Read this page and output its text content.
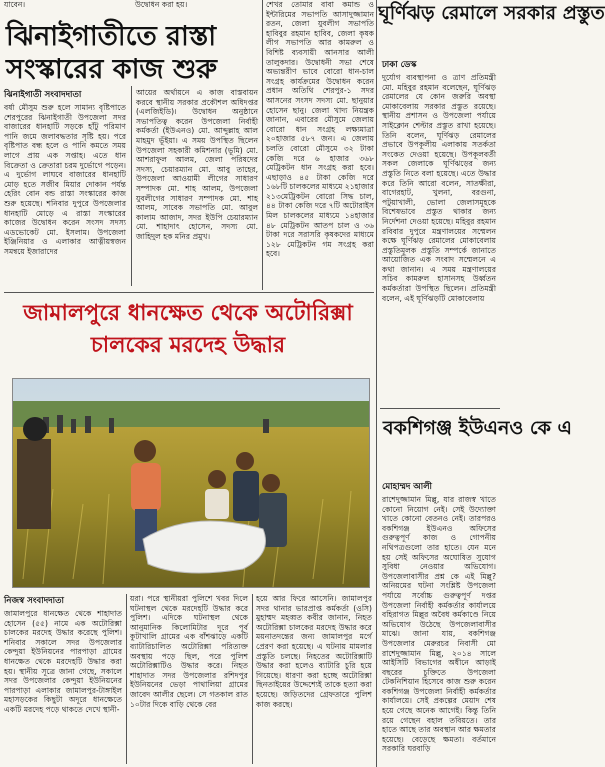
যাবেন।	উদ্বোধন করা হয়।

ঝিনাইগাতীতে রাস্তা সংস্কারের কাজ শুরু

ঝিনাইগাতী সংবাদদাতা

বর্ষা মৌসুম শুরু হলে সামান্য বৃষ্টিপাতে শেরপুরের ঝিনাইগাতী উপজেলা সদর বাজারের ধানহাটি সড়কে হাঁটু পরিমাণ পানি জমে জলাবদ্ধতার সৃষ্টি হয়। পরে বৃষ্টিপাত বন্ধ হলে ও পানি কমতে সময় লাগে প্রায় এক সপ্তাহ। এতে ধান বিক্রেতা ও ক্রেতারা চরম দুর্ভোগে পড়েন। এ দুর্ভোগ লাঘবে বাজারের ধানহাটি মোড় হতে সজীব মিয়ার দোকান পর্যন্ত হেরিং বোন বন্ড রাস্তা সংস্কারের কাজ শুরু হয়েছে। শনিবার দুপুরে উপজেলার ধানহাটি মোড়ে এ রাস্তা সংস্কারের কাজের উদ্বোধন করেন সংসদ সদস্য এডভোকেট মো. ইসলাম। উপজেলা ইঞ্জিনিয়ার ও এলাকার আত্নীয়স্বজন সমন্বয়ে ইজারাদের

আয়ের অর্থায়নে এ কাজ বাস্তবায়ন করবে স্থানীয় সরকার প্রকৌশল অধিদপ্তর (এলজিইডি)। উদ্বোধন অনুষ্ঠানে সভাপতিত্ব করেন উপজেলা নির্বাহী কর্মকর্তা (ইউএনও) মো. আব্দুল্লাহ আল মাহমুদ ভূঁইয়া। এ সময় উপস্থিত ছিলেন উপজেলা সহকারী কমিশনার (ভূমি) মো. আশরাফুল আলম, জেলা পরিষদের সদস্য, চেয়ারম্যান মো. আবু তাহের, উপজেলা আওয়ামী লীগের সাধারণ সম্পাদক মো. শাহ আলম, উপজেলা যুবলীগের সাধারণ সম্পাদক মো. শাহ আলম, সাবেক সভাপতি মো. আবুল কালাম আজাদ, সদর ইউপি চেয়ারম্যান মো. শাহাদাৎ হোসেন, সদস্য মো. জাহিদুল হক মনির প্রমুখ।

শেখর তোমার বাবা কমান্ড ও ইন্টারিমের সভাপতি আসাদুজ্জামান রতন, জেলা যুবলীগ সভাপতি হাবিবুর রহমান হাবিব, জেলা কৃষক লীগ সভাপতি আর কামরুল ও বিশিষ্ট ব্যবসায়ী আনসার আলী তালুকদার। উদ্বোধনী সভা শেষে অভ্যন্তরীণ ভাবে বোরো ধান-চাল সংগ্রহ কার্যক্রমের উদ্বোধন করেন প্রধান অতিথি শেরপুর-১ সদর আসনের সংসদ সদস্য মো. ছানুয়ার হোসেন ছানু। জেলা খাদ্য নিয়ন্ত্রক জানান, এবারের মৌসুমে জেলায় বোরো ধান সংগ্রহ লক্ষ্যমাত্রা ২০হাজার ৫৮৭ জন। এ জেলায় চলতি বোরো মৌসুমে ৩২ টাকা কেজি দরে ৬ হাজার ৩৬৮ মেট্রিকটন ধান সংগ্রহ করা হবে। এছাড়াও ৪৫ টাকা কেজি দরে ১৬৮টি চালকলের মাধ্যমে ২১হাজার ২১৩মেট্রিকটন বোরো সিদ্ধ চাল, ৪৪ টাকা কেজি দরে ৭টি অটোরাইস মিল চালকলের মাধ্যমে ১৪হাজার ৪৮ মেট্রিকটন আতপ চাল ও ৩৬ টাকা দরে সরাসরি কৃষকদের মাধ্যমে ১২৮ মেট্রিকটন গম সংগ্রহ করা হবে।

ঘূর্ণিঝড় রেমালে সরকার প্রস্তুত

ঢাকা ডেস্ক

দুর্যোগ ব্যবস্থাপনা ও ত্রাণ প্রতিমন্ত্রী মো. মহিবুর রহমান বলেছেন, ঘূর্ণিঝড় রেমালের যে কোন জরুরি অবস্থা মোকাবেলায় সরকার প্রস্তুত রয়েছে। স্থানীয় প্রশাসন ও উপজেলা পর্যায়ে সাইক্লোন শেল্টার প্রস্তুত রাখা হয়েছে। তিনি বলেন, ঘূর্ণিঝড় রেমালের প্রভাবে উপকূলীয় এলাকায় সতর্কতা সংকেত দেওয়া হয়েছে। উপকূলবর্তী সকল জেলাকে ঘূর্ণিঝড়ের জন্য প্রস্তুতি নিতে বলা হয়েছে। এতে উদ্ধার করে তিনি আরো বলেন, সাতক্ষীরা, বাগেরহাট, খুলনা, বরগুনা, পটুয়াখালী, ভোলা জেলাসমূহকে বিশেষভাবে প্রস্তুত থাকার জন্য নির্দেশনা দেওয়া হয়েছে। মহিবুর রহমান রবিবার দুপুরে মন্ত্রণালয়ের সম্মেলন কক্ষে ঘূর্ণিঝড় রেমালের মোকাবেলায় প্রস্তুতিমূলক প্রস্তুতি সম্পর্কে জানাতে আয়োজিত এক সংবাদ সম্মেলনে এ কথা জানান। এ সময় মন্ত্রণালয়ের সচিব কামরুল হাসানসহ উর্ধ্বতন কর্মকর্তারা উপস্থিত ছিলেন। প্রতিমন্ত্রী বলেন, এই ঘূর্ণিঝড়টি মোকাবেলায়

জামালপুরে ধানক্ষেত থেকে অটোরিক্সা
চালকের মরদেহ উদ্ধার

নিজস্ব সংবাদদাতা

জামালপুরে ধানক্ষেত থেকে শাহাদাত হোসেন (৫৫) নামে এক অটোরিক্সা চালকের মরদেহ উদ্ধার করেছে পুলিশ। শনিবার সকালে সদর উপজেলার কেন্দুয়া ইউনিয়নের পারপাড়া গ্রামের ধানক্ষেত থেকে মরদেহটি উদ্ধার করা হয়। স্থানীয় সূত্রে জানা গেছে, সকালে সদর উপজেলার কেন্দুয়া ইউনিয়নের পারপাড়া এলাকার জামালপুর-টাঙ্গাইল মহাসড়কের কিছুটা অদূরে ধানক্ষেতে একটি মরদেহ পড়ে থাকতে দেখে স্থানী-

য়রা। পরে স্থানীয়রা পুলিশে খবর দিলে ঘটনাস্থল থেকে মরদেহটি উদ্ধার করে পুলিশ। এদিকে ঘটনাস্থল থেকে আনুমানিক কিলোমিটার দূরে পূর্ব কুটাখালি গ্রামের এক বাঁশঝাড়ে একটি ব্যাটারিচালিত অটোরিক্সা পরিত্যক্ত অবস্থায় পড়ে ছিল, পরে পুলিশ অটোরিক্সাটিও উদ্ধার করে। নিহত শাহাদাত সদর উপজেলার রশিদপুর ইউনিয়নের ভেড়া পাথালিয়া গ্রামের জাবেদ আলীর ছেলে। সে গতকাল রাত ১০টার দিকে বাড়ি থেকে বের

হয়ে আর ফিরে আসেনি। জামালপুর সদর থানার ভারপ্রাপ্ত কর্মকর্তা (ওসি) মুহাম্মদ মহব্বত কবীর জানান, নিহত অটোরিক্সা চালকের মরদেহ উদ্ধার করে ময়নাতদন্তের জন্য জামালপুর মর্গে প্রেরণ করা হয়েছে। এ ঘটনায় মামলার প্রস্তুতি চলছে। নিহতের অটোরিক্সাটি উদ্ধার করা হলেও ব্যাটারি চুরি হয়ে গিয়েছে। ধারণা করা হচ্ছে অটোরিক্সা ছিনতাইয়ের উদ্দেশ্যেই তাকে হত্যা করা হয়েছে। জড়িতদের গ্রেফতারে পুলিশ কাজ করছে।

বকশিগঞ্জ ইউএনও কে এ

মোহাম্মদ আলী

রাশেদুজ্জামান মিল্লু, যার রাজস্ব খাতে কোনো নিয়োগ নেই। সেই উদ্যোক্তা খাতে কোনো বেতনও নেই। তারপরও বকশিগঞ্জ ইউএনও অফিসের গুরুত্বপূর্ণ কাজ ও গোপনীয় নথিপত্রগুলো তার হাতে। যেন মনে হয় সেই অফিসের অঘোষিত সুযোগ সুবিধা নেওয়ার অভিযোগ। উপজেলাবাসীর প্রশ্ন কে এই মিল্লু? অনিয়মের ঘটনা সংশ্লিষ্ট উপজেলা পর্যায়ে সর্বোচ্চ গুরুত্বপূর্ণ দপ্তর উপজেলা নির্বাহী কর্মকর্তার কার্যালয়ে বহিরাগত মিল্লুর অবৈধ কর্মকাণ্ডে নিয়ে অভিযোগ উঠেছে উপজেলাবাসীর মাঝে। জানা যায়, বকশিগঞ্জ উপজেলার মেরুরচর নিবাসী মো রাশেদুজ্জামান মিল্লু, ২০১৪ সালে আইসিটি বিভাগের অধীনে আড়াই বছরের চুক্তিতে উপজেলা টেকনিশিয়ান হিসেবে কাজ শুরু করেন বকশিগঞ্জ উপজেলা নির্বাহী কর্মকর্তার কার্যালয়ে। সেই প্রকল্পের মেয়াদ শেষ হয়ে গেছে অনেক আগেই। কিন্তু তিনি রয়ে গেছেন বহাল তবিয়তে। তার হাতে আছে তার অবস্থান আর ক্ষমতার হয়েছে। বেড়েছে ক্ষমতা। বর্তমানে সরকারি ঘরবাড়ি
